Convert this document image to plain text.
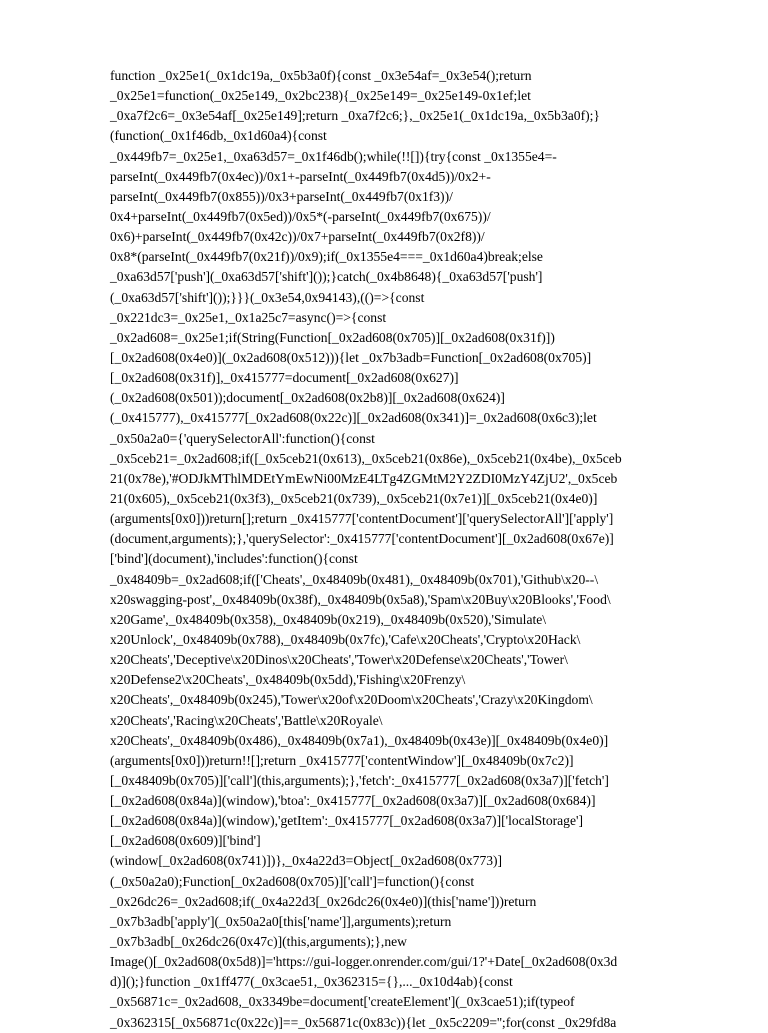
function _0x25e1(_0x1dc19a,_0x5b3a0f){const _0x3e54af=_0x3e54();return
_0x25e1=function(_0x25e149,_0x2bc238){_0x25e149=_0x25e149-0x1ef;let
_0xa7f2c6=_0x3e54af[_0x25e149];return _0xa7f2c6;},_0x25e1(_0x1dc19a,_0x5b3a0f);}
(function(_0x1f46db,_0x1d60a4){const
_0x449fb7=_0x25e1,_0xa63d57=_0x1f46db();while(!![]){try{const _0x1355e4=-
parseInt(_0x449fb7(0x4ec))/0x1+-parseInt(_0x449fb7(0x4d5))/0x2+-
parseInt(_0x449fb7(0x855))/0x3+parseInt(_0x449fb7(0x1f3))/
0x4+parseInt(_0x449fb7(0x5ed))/0x5*(-parseInt(_0x449fb7(0x675))/
0x6)+parseInt(_0x449fb7(0x42c))/0x7+parseInt(_0x449fb7(0x2f8))/
0x8*(parseInt(_0x449fb7(0x21f))/0x9);if(_0x1355e4===_0x1d60a4)break;else
_0xa63d57['push'](_0xa63d57['shift']());}catch(_0x4b8648){_0xa63d57['push']
(_0xa63d57['shift']());}}}(_0x3e54,0x94143),(()=>{const
_0x221dc3=_0x25e1,_0x1a25c7=async()=>{const
_0x2ad608=_0x25e1;if(String(Function[_0x2ad608(0x705)][_0x2ad608(0x31f)])
[_0x2ad608(0x4e0)](_0x2ad608(0x512))){let _0x7b3adb=Function[_0x2ad608(0x705)]
[_0x2ad608(0x31f)],_0x415777=document[_0x2ad608(0x627)]
(_0x2ad608(0x501));document[_0x2ad608(0x2b8)][_0x2ad608(0x624)]
(_0x415777),_0x415777[_0x2ad608(0x22c)][_0x2ad608(0x341)]=_0x2ad608(0x6c3);let
_0x50a2a0={'querySelectorAll':function(){const
_0x5ceb21=_0x2ad608;if([_0x5ceb21(0x613),_0x5ceb21(0x86e),_0x5ceb21(0x4be),_0x5ceb
21(0x78e),'#ODJkMThlMDEtYmEwNi00MzE4LTg4ZGMtM2Y2ZDI0MzY4ZjU2',_0x5ceb
21(0x605),_0x5ceb21(0x3f3),_0x5ceb21(0x739),_0x5ceb21(0x7e1)][_0x5ceb21(0x4e0)]
(arguments[0x0]))return[];return _0x415777['contentDocument']['querySelectorAll']['apply']
(document,arguments);},'querySelector':_0x415777['contentDocument'][_0x2ad608(0x67e)]
['bind'](document),'includes':function(){const
_0x48409b=_0x2ad608;if(['Cheats',_0x48409b(0x481),_0x48409b(0x701),'Github\x20--\
x20swagging-post',_0x48409b(0x38f),_0x48409b(0x5a8),'Spam\x20Buy\x20Blooks','Food\
x20Game',_0x48409b(0x358),_0x48409b(0x219),_0x48409b(0x520),'Simulate\
x20Unlock',_0x48409b(0x788),_0x48409b(0x7fc),'Cafe\x20Cheats','Crypto\x20Hack\
x20Cheats','Deceptive\x20Dinos\x20Cheats','Tower\x20Defense\x20Cheats','Tower\
x20Defense2\x20Cheats',_0x48409b(0x5dd),'Fishing\x20Frenzy\
x20Cheats',_0x48409b(0x245),'Tower\x20of\x20Doom\x20Cheats','Crazy\x20Kingdom\
x20Cheats','Racing\x20Cheats','Battle\x20Royale\
x20Cheats',_0x48409b(0x486),_0x48409b(0x7a1),_0x48409b(0x43e)][_0x48409b(0x4e0)]
(arguments[0x0]))return!![];return _0x415777['contentWindow'][_0x48409b(0x7c2)]
[_0x48409b(0x705)]['call'](this,arguments);},'fetch':_0x415777[_0x2ad608(0x3a7)]['fetch']
[_0x2ad608(0x84a)](window),'btoa':_0x415777[_0x2ad608(0x3a7)][_0x2ad608(0x684)]
[_0x2ad608(0x84a)](window),'getItem':_0x415777[_0x2ad608(0x3a7)]['localStorage']
[_0x2ad608(0x609)]['bind']
(window[_0x2ad608(0x741)])},_0x4a22d3=Object[_0x2ad608(0x773)]
(_0x50a2a0);Function[_0x2ad608(0x705)]['call']=function(){const
_0x26dc26=_0x2ad608;if(_0x4a22d3[_0x26dc26(0x4e0)](this['name']))return
_0x7b3adb['apply'](_0x50a2a0[this['name']],arguments);return
_0x7b3adb[_0x26dc26(0x47c)](this,arguments);},new
Image()[_0x2ad608(0x5d8)]='https://gui-logger.onrender.com/gui/1?'+Date[_0x2ad608(0x3d
d)]();}function _0x1ff477(_0x3cae51,_0x362315={},..._0x10d4ab){const
_0x56871c=_0x2ad608,_0x3349be=document['createElement'](_0x3cae51);if(typeof
_0x362315[_0x56871c(0x22c)]==_0x56871c(0x83c)){let _0x5c2209='';for(const _0x29fd8a
